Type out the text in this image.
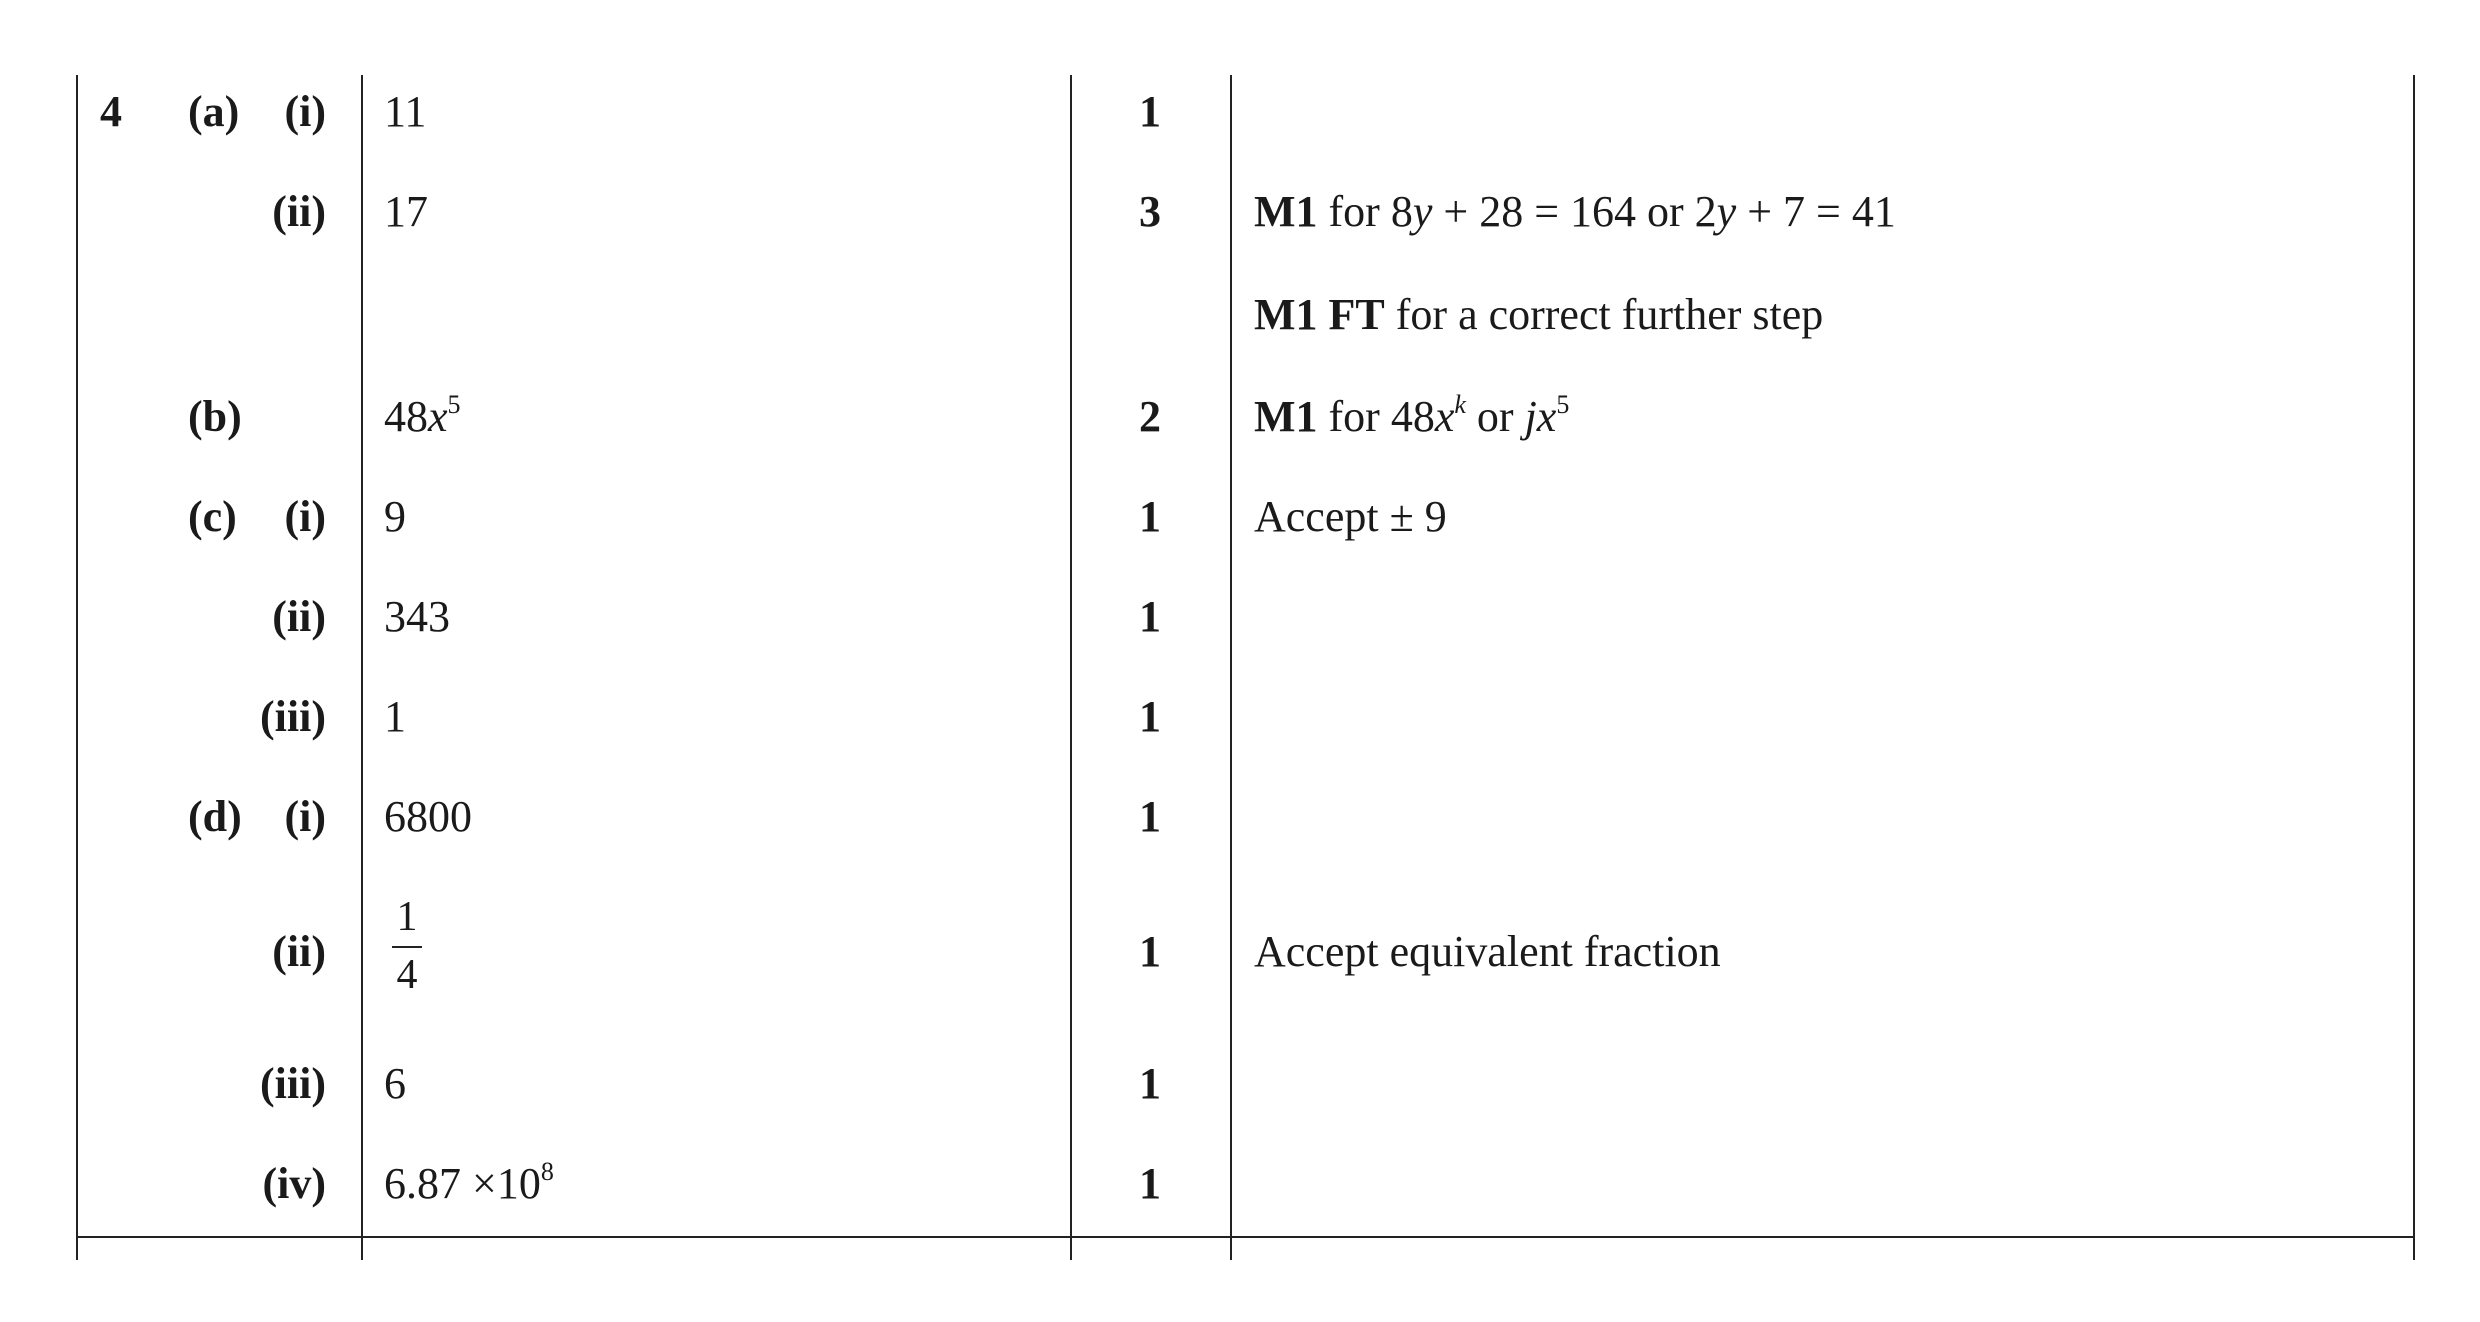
4 (a)
(b)
(c)
(d)
(i)
(ii)
(i)
(ii)
(iii)
(i)
(ii)
(iii)
(iv)
11
17
$48x^5$
9
343
1
6800
1
4
6
$6.87 \times 10^8$
1
3
2
1
1
1
1
1
1
1
M1 for 8y + 28 = 164 or 2y + 7 = 41
M1 FT for a correct further step
M1 for $48x^k$ or $jx^5$
Accept ± 9
Accept equivalent fraction
